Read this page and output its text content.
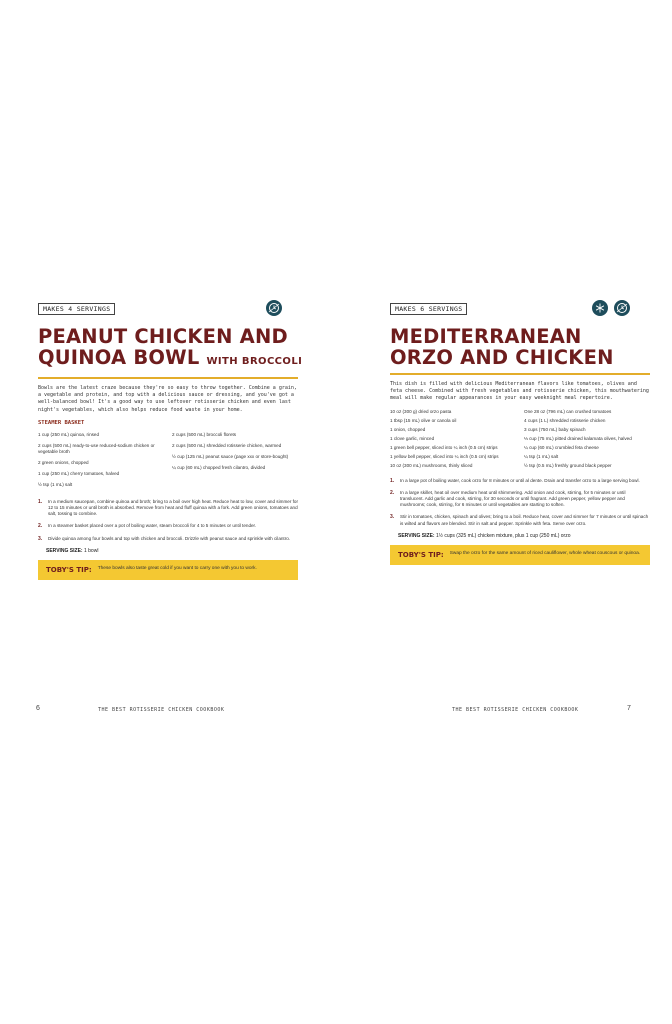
MAKES 4 SERVINGS
PEANUT CHICKEN AND
QUINOA BOWL WITH BROCCOLI

Bowls are the latest craze because they're so easy to throw together. Combine a grain, a vegetable and protein, and top with a delicious sauce or dressing, and you've got a well-balanced bowl! It's a good way to use leftover rotisserie chicken and even last night's vegetables, which also helps reduce food waste in your home.

STEAMER BASKET
1 cup (250 mL) quinoa, rinsed
2 cups (500 mL) ready-to-use reduced-sodium chicken or vegetable broth
2 green onions, chopped
1 cup (250 mL) cherry tomatoes, halved
½ tsp (1 mL) salt
2 cups (500 mL) broccoli florets
2 cups (500 mL) shredded rotisserie chicken, warmed
½ cup (125 mL) peanut sauce (page xxx or store-bought)
¼ cup (60 mL) chopped fresh cilantro, divided
1.	In a medium saucepan, combine quinoa and broth; bring to a boil over high heat. Reduce heat to low, cover and simmer for 12 to 15 minutes or until broth is absorbed. Remove from heat and fluff quinoa with a fork. Add green onions, tomatoes and salt, tossing to combine.
2.	In a steamer basket placed over a pot of boiling water, steam broccoli for 4 to 5 minutes or until tender.
3.	Divide quinoa among four bowls and top with chicken and broccoli. Drizzle with peanut sauce and sprinkle with cilantro.
SERVING SIZE: 1 bowl
TOBY'S TIP: These bowls also taste great cold if you want to carry one with you to work.
MAKES 6 SERVINGS
MEDITERRANEAN
ORZO AND CHICKEN

This dish is filled with delicious Mediterranean flavors like tomatoes, olives and feta cheese. Combined with fresh vegetables and rotisserie chicken, this mouthwatering meal will make regular appearances in your easy weeknight meal repertoire.

10 oz (300 g) dried orzo pasta
1 tbsp (15 mL) olive or canola oil
1 onion, chopped
1 clove garlic, minced
1 green bell pepper, sliced into ¼ inch (0.5 cm) strips
1 yellow bell pepper, sliced into ¼ inch (0.5 cm) strips
10 oz (300 mL) mushrooms, thinly sliced
One 28 oz (796 mL) can crushed tomatoes
4 cups (1 L) shredded rotisserie chicken
3 cups (750 mL) baby spinach
⅓ cup (75 mL) pitted drained kalamata olives, halved
¼ cup (60 mL) crumbled feta cheese
¼ tsp (1 mL) salt
½ tsp (0.5 mL) freshly ground black pepper
1.	In a large pot of boiling water, cook orzo for 8 minutes or until al dente. Drain and transfer orzo to a large serving bowl.
2.	In a large skillet, heat oil over medium heat until shimmering. Add onion and cook, stirring, for 5 minutes or until translucent. Add garlic and cook, stirring, for 30 seconds or until fragrant. Add green pepper, yellow pepper and mushrooms; cook, stirring, for 6 minutes or until vegetables are starting to soften.
3.	Stir in tomatoes, chicken, spinach and olives; bring to a boil. Reduce heat, cover and simmer for 7 minutes or until spinach is wilted and flavors are blended. Stir in salt and pepper. Sprinkle with feta. Serve over orzo.
SERVING SIZE: 1½ cups (325 mL) chicken mixture, plus 1 cup (250 mL) orzo
TOBY'S TIP: Swap the orzo for the same amount of riced cauliflower, whole wheat couscous or quinoa.
6	THE BEST ROTISSERIE CHICKEN COOKBOOK	THE BEST ROTISSERIE CHICKEN COOKBOOK	7
